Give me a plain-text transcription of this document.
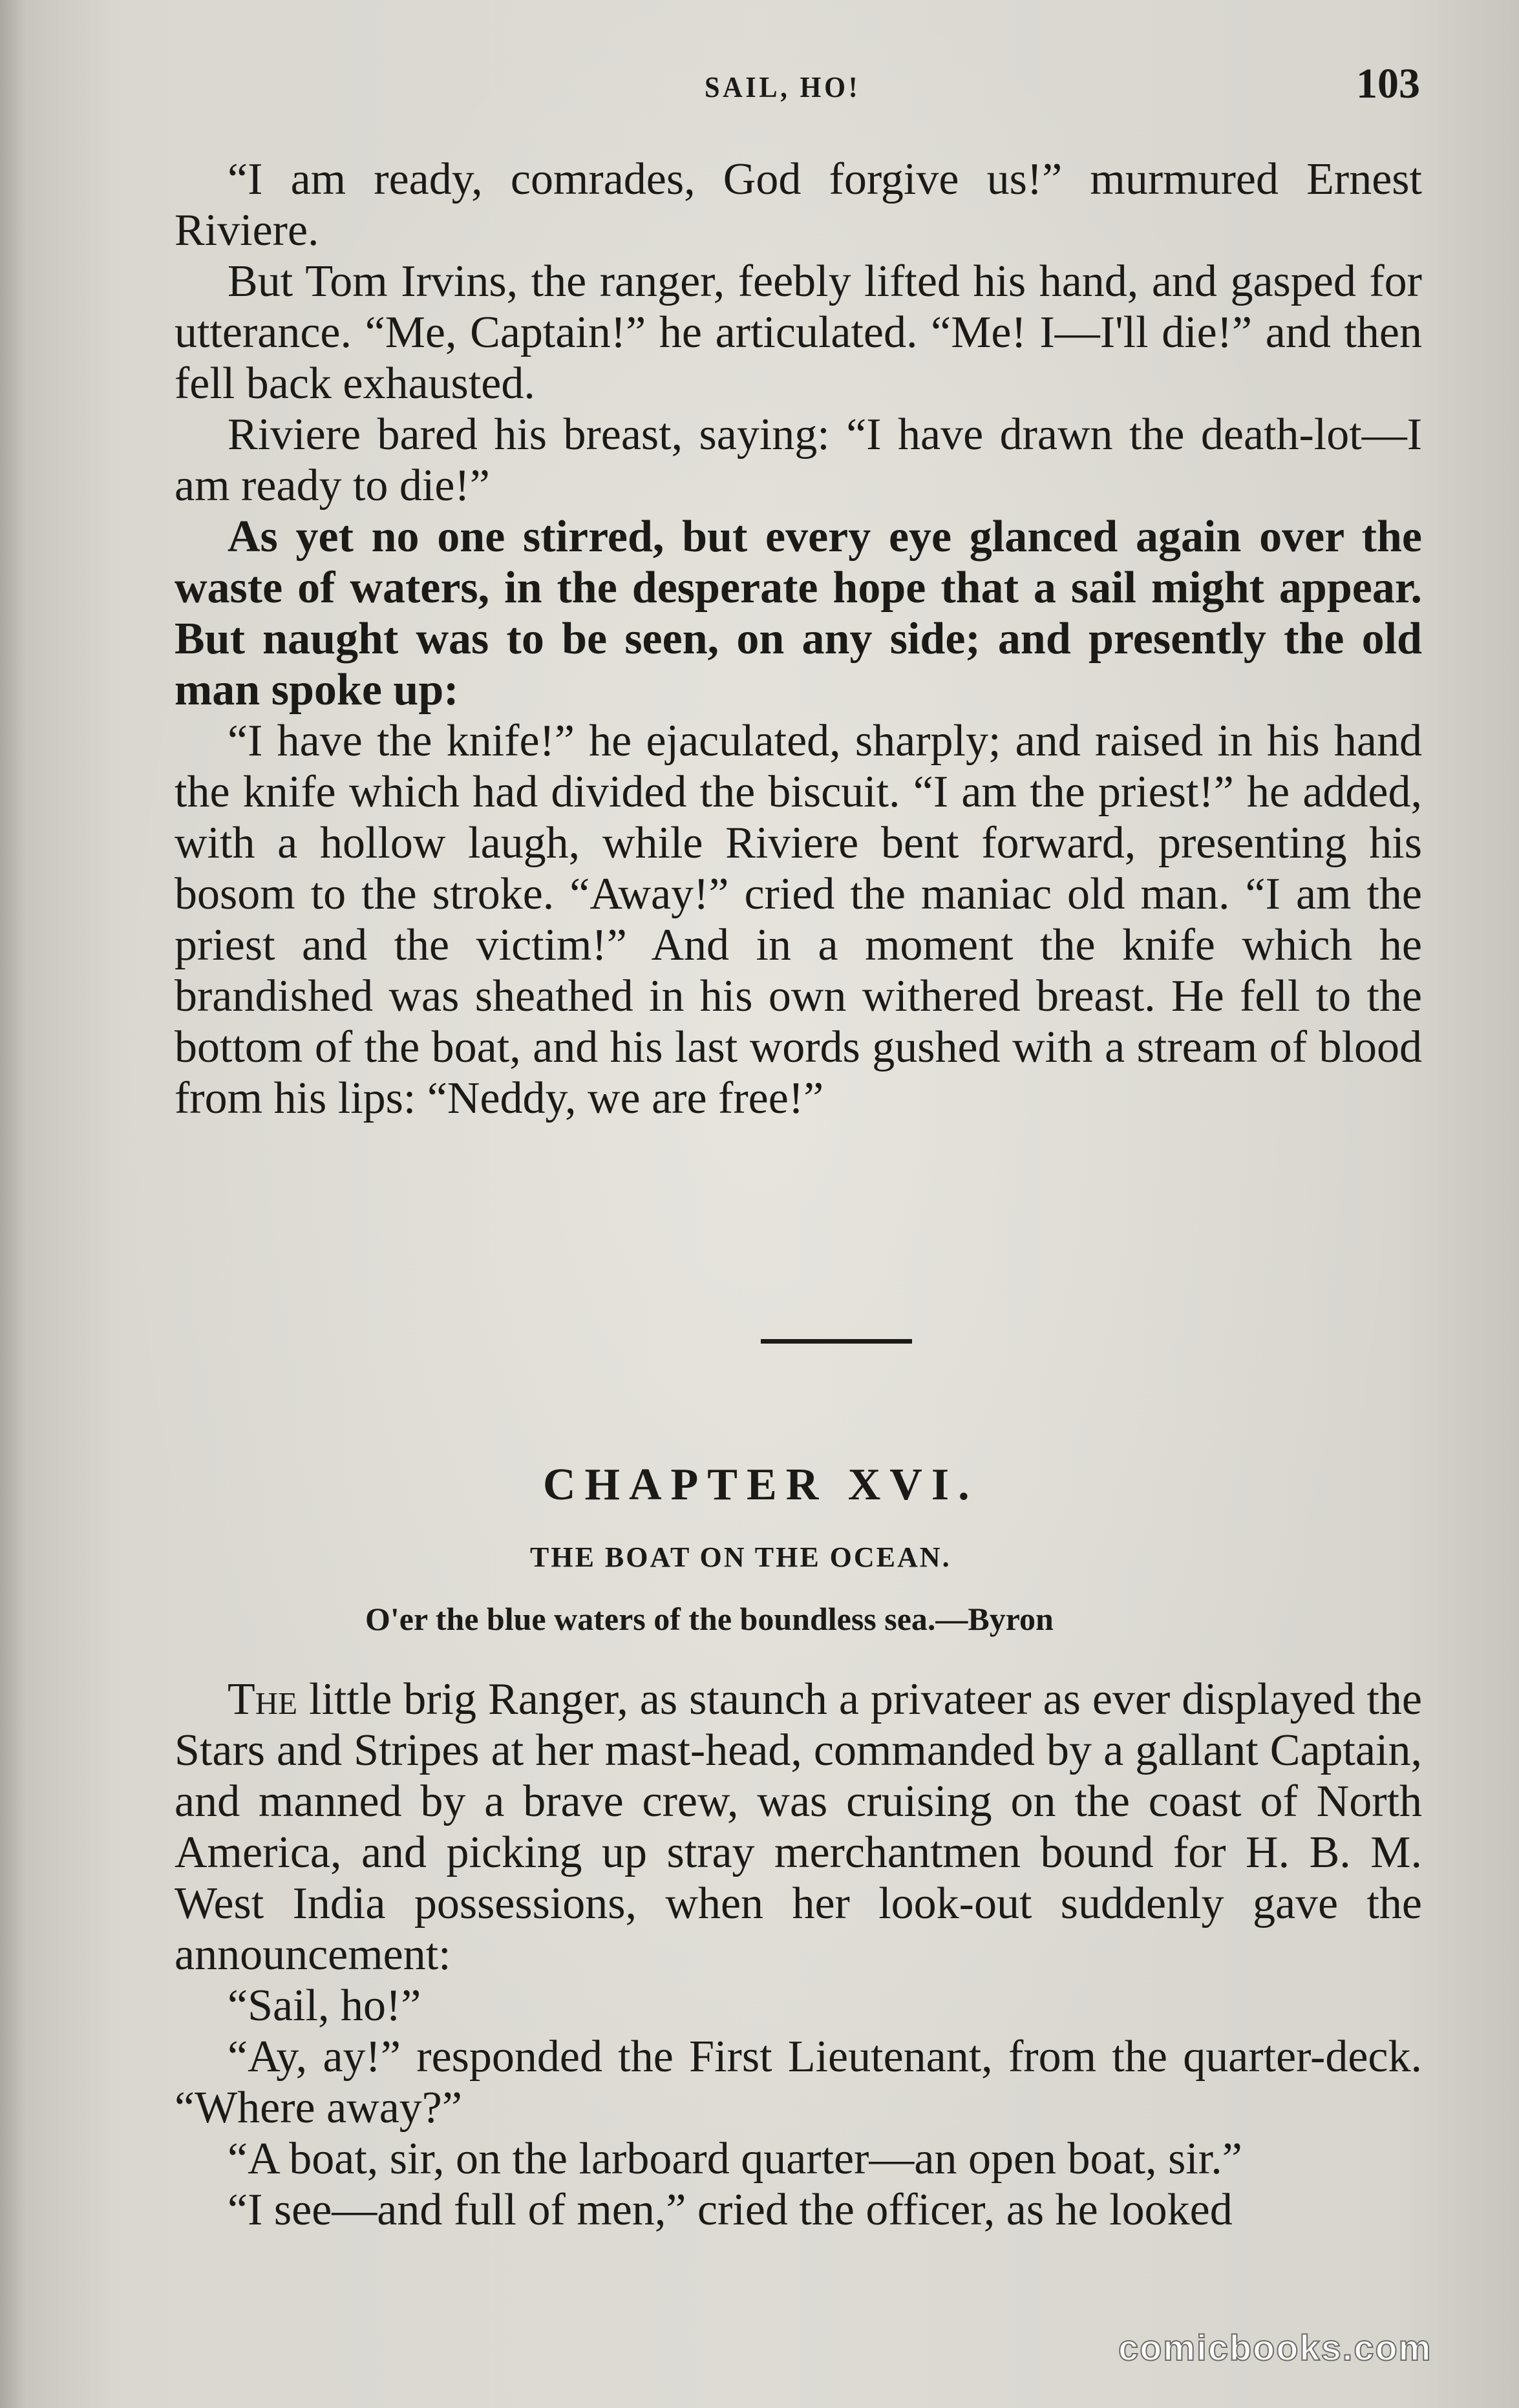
SAIL, HO!	103

“I am ready, comrades, God forgive us!” murmured Ernest Riviere.

But Tom Irvins, the ranger, feebly lifted his hand, and gasped for utterance. “Me, Captain!” he articulated. “Me! I—I'll die!” and then fell back exhausted.

Riviere bared his breast, saying: “I have drawn the death-lot—I am ready to die!”

As yet no one stirred, but every eye glanced again over the waste of waters, in the desperate hope that a sail might appear. But naught was to be seen, on any side; and presently the old man spoke up:

“I have the knife!” he ejaculated, sharply; and raised in his hand the knife which had divided the biscuit. “I am the priest!” he added, with a hollow laugh, while Riviere bent forward, presenting his bosom to the stroke. “Away!” cried the maniac old man. “I am the priest and the victim!” And in a moment the knife which he brandished was sheathed in his own withered breast. He fell to the bottom of the boat, and his last words gushed with a stream of blood from his lips: “Neddy, we are free!”

CHAPTER XVI.
THE BOAT ON THE OCEAN.
O'er the blue waters of the boundless sea.—Byron

The little brig Ranger, as staunch a privateer as ever displayed the Stars and Stripes at her mast-head, commanded by a gallant Captain, and manned by a brave crew, was cruising on the coast of North America, and picking up stray merchantmen bound for H. B. M. West India possessions, when her look-out suddenly gave the announcement:

“Sail, ho!”

“Ay, ay!” responded the First Lieutenant, from the quarter-deck. “Where away?”

“A boat, sir, on the larboard quarter—an open boat, sir.”

“I see—and full of men,” cried the officer, as he looked

comicbooks.com
